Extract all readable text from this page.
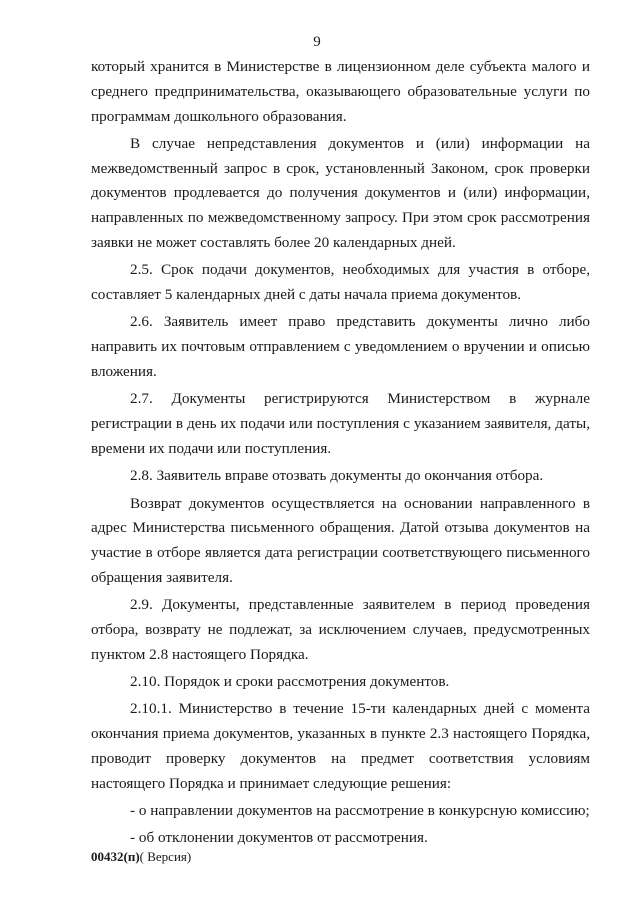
9

который хранится в Министерстве в лицензионном деле субъекта малого и среднего предпринимательства, оказывающего образовательные услуги по программам дошкольного образования.

В случае непредставления документов и (или) информации на межведомственный запрос в срок, установленный Законом, срок проверки документов продлевается до получения документов и (или) информации, направленных по межведомственному запросу. При этом срок рассмотрения заявки не может составлять более 20 календарных дней.

2.5. Срок подачи документов, необходимых для участия в отборе, составляет 5 календарных дней с даты начала приема документов.

2.6. Заявитель имеет право представить документы лично либо направить их почтовым отправлением с уведомлением о вручении и описью вложения.

2.7. Документы регистрируются Министерством в журнале регистрации в день их подачи или поступления с указанием заявителя, даты, времени их подачи или поступления.

2.8. Заявитель вправе отозвать документы до окончания отбора.

Возврат документов осуществляется на основании направленного в адрес Министерства письменного обращения. Датой отзыва документов на участие в отборе является дата регистрации соответствующего письменного обращения заявителя.

2.9. Документы, представленные заявителем в период проведения отбора, возврату не подлежат, за исключением случаев, предусмотренных пунктом 2.8 настоящего Порядка.

2.10. Порядок и сроки рассмотрения документов.

2.10.1. Министерство в течение 15-ти календарных дней с момента окончания приема документов, указанных в пункте 2.3 настоящего Порядка, проводит проверку документов на предмет соответствия условиям настоящего Порядка и принимает следующие решения:

- о направлении документов на рассмотрение в конкурсную комиссию;

- об отклонении документов от рассмотрения.

00432(п)( Версия)
